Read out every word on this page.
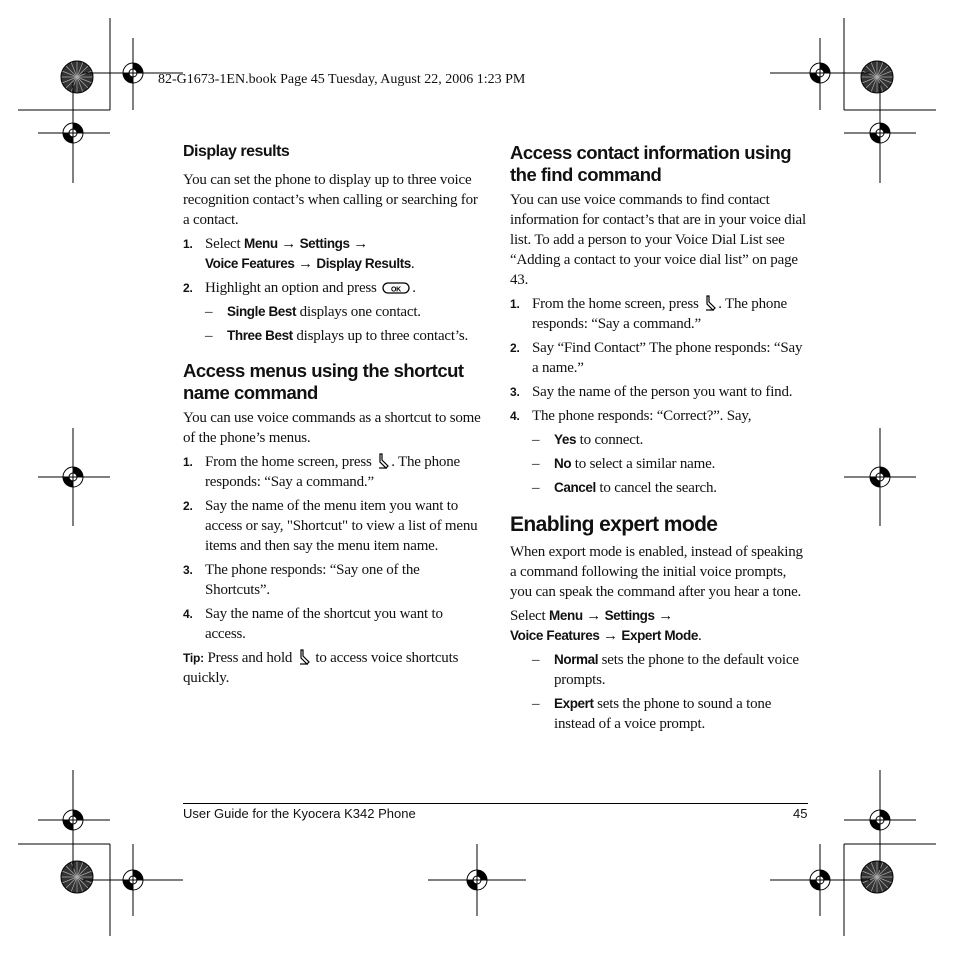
82-G1673-1EN.book Page 45 Tuesday, August 22, 2006 1:23 PM
Display results

You can set the phone to display up to three voice recognition contact’s when calling or searching for a contact.

1. Select Menu → Settings →
Voice Features → Display Results.
2. Highlight an option and press OK .
– Single Best displays one contact.
– Three Best displays up to three contact’s.
Access menus using the shortcut name command

You can use voice commands as a shortcut to some of the phone’s menus.

1. From the home screen, press . The phone responds: “Say a command.”
2. Say the name of the menu item you want to access or say, "Shortcut" to view a list of menu items and then say the menu item name.
3. The phone responds: “Say one of the Shortcuts”.
4. Say the name of the shortcut you want to access.

Tip: Press and hold  to access voice shortcuts quickly.

Access contact information using the find command

You can use voice commands to find contact information for contact’s that are in your voice dial list. To add a person to your Voice Dial List see “Adding a contact to your voice dial list” on page 43.

1. From the home screen, press . The phone responds: “Say a command.”
2. Say “Find Contact” The phone responds: “Say a name.”
3. Say the name of the person you want to find.
4. The phone responds: “Correct?”. Say,
– Yes to connect.
– No to select a similar name.
– Cancel to cancel the search.
Enabling expert mode

When export mode is enabled, instead of speaking a command following the initial voice prompts, you can speak the command after you hear a tone.

Select Menu → Settings →
Voice Features → Expert Mode.

– Normal sets the phone to the default voice prompts.
– Expert sets the phone to sound a tone instead of a voice prompt.
User Guide for the Kyocera K342 Phone	45
